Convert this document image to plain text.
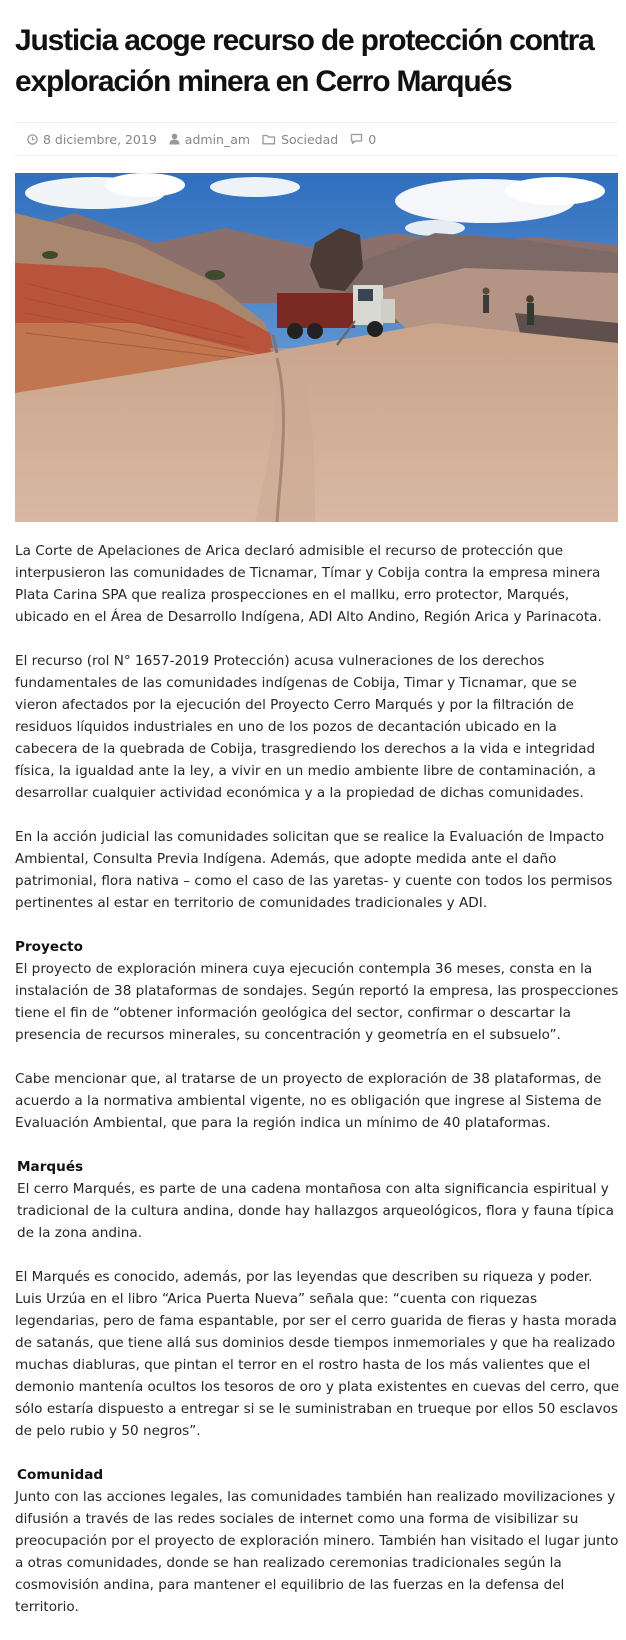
Justicia acoge recurso de protección contra exploración minera en Cerro Marqués
8 diciembre, 2019 admin_am Sociedad 0

La Corte de Apelaciones de Arica declaró admisible el recurso de protección que interpusieron las comunidades de Ticnamar, Tímar y Cobija contra la empresa minera Plata Carina SPA que realiza prospecciones en el mallku, erro protector, Marqués, ubicado en el Área de Desarrollo Indígena, ADI Alto Andino, Región Arica y Parinacota.

El recurso (rol N° 1657-2019 Protección) acusa vulneraciones de los derechos fundamentales de las comunidades indígenas de Cobija, Timar y Ticnamar, que se vieron afectados por la ejecución del Proyecto Cerro Marqués y por la filtración de residuos líquidos industriales en uno de los pozos de decantación ubicado en la cabecera de la quebrada de Cobija, trasgrediendo los derechos a la vida e integridad física, la igualdad ante la ley, a vivir en un medio ambiente libre de contaminación, a desarrollar cualquier actividad económica y a la propiedad de dichas comunidades.

En la acción judicial las comunidades solicitan que se realice la Evaluación de Impacto Ambiental, Consulta Previa Indígena. Además, que adopte medida ante el daño patrimonial, flora nativa – como el caso de las yaretas- y cuente con todos los permisos pertinentes al estar en territorio de comunidades tradicionales y ADI.

Proyecto

El proyecto de exploración minera cuya ejecución contempla 36 meses, consta en la instalación de 38 plataformas de sondajes. Según reportó la empresa, las prospecciones tiene el fin de “obtener información geológica del sector, confirmar o descartar la presencia de recursos minerales, su concentración y geometría en el subsuelo”.

Cabe mencionar que, al tratarse de un proyecto de exploración de 38 plataformas, de acuerdo a la normativa ambiental vigente, no es obligación que ingrese al Sistema de Evaluación Ambiental, que para la región indica un mínimo de 40 plataformas.

Marqués

El cerro Marqués, es parte de una cadena montañosa con alta significancia espiritual y tradicional de la cultura andina, donde hay hallazgos arqueológicos, flora y fauna típica de la zona andina.

El Marqués es conocido, además, por las leyendas que describen su riqueza y poder. Luis Urzúa en el libro “Arica Puerta Nueva” señala que: “cuenta con riquezas legendarias, pero de fama espantable, por ser el cerro guarida de fieras y hasta morada de satanás, que tiene allá sus dominios desde tiempos inmemoriales y que ha realizado muchas diabluras, que pintan el terror en el rostro hasta de los más valientes que el demonio mantenía ocultos los tesoros de oro y plata existentes en cuevas del cerro, que sólo estaría dispuesto a entregar si se le suministraban en trueque por ellos 50 esclavos de pelo rubio y 50 negros”.

Comunidad

Junto con las acciones legales, las comunidades también han realizado movilizaciones y difusión a través de las redes sociales de internet como una forma de visibilizar su preocupación por el proyecto de exploración minero. También han visitado el lugar junto a otras comunidades, donde se han realizado ceremonias tradicionales según la cosmovisión andina, para mantener el equilibrio de las fuerzas en la defensa del territorio.
